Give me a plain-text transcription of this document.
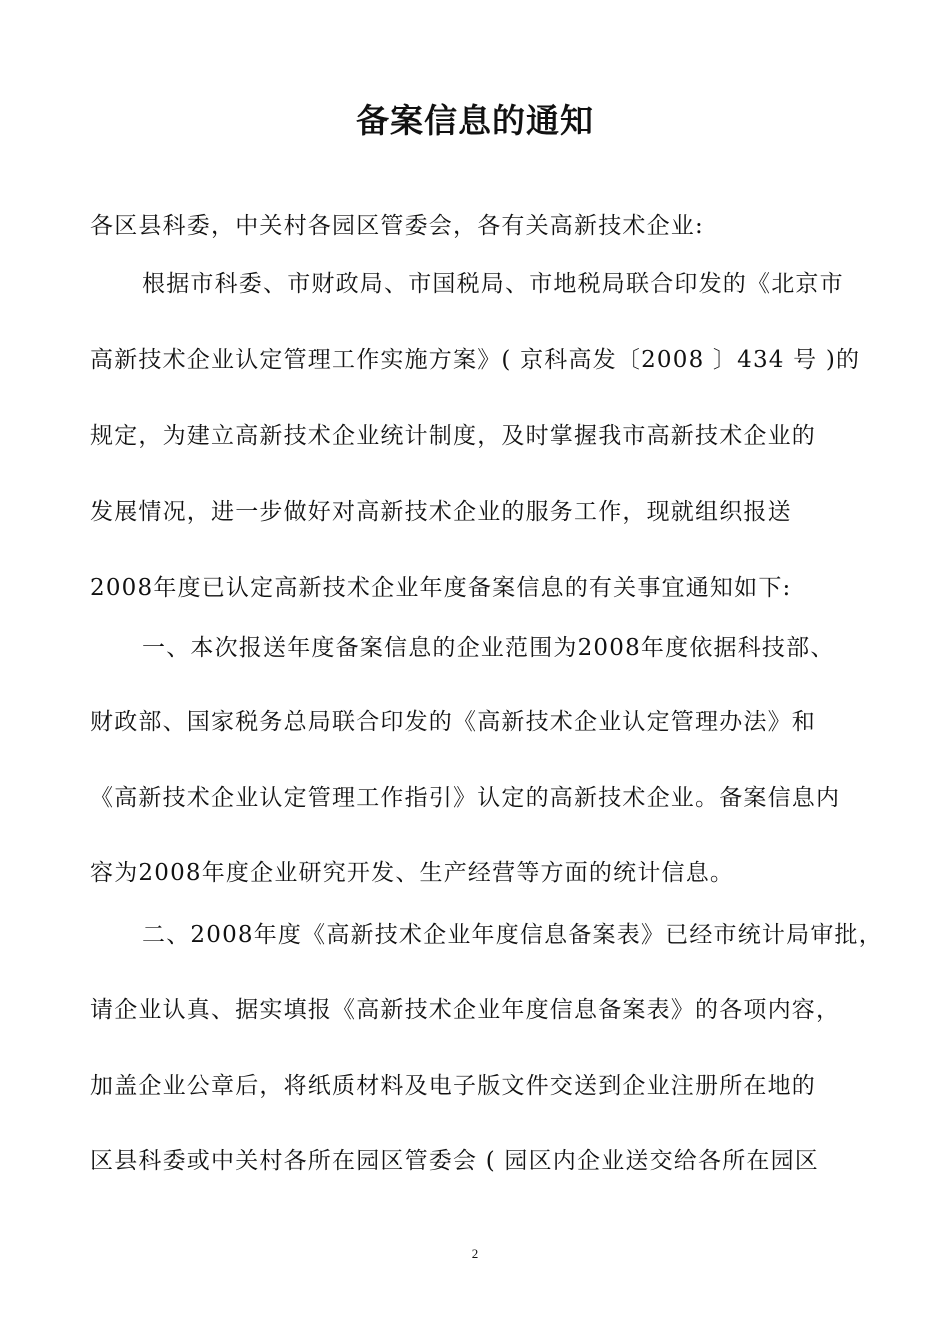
备案信息的通知

各区县科委，中关村各园区管委会，各有关高新技术企业:

根据市科委、市财政局、市国税局、市地税局联合印发的《北京市

高新技术企业认定管理工作实施方案》( 京科高发〔2008 〕434 号 )的

规定，为建立高新技术企业统计制度，及时掌握我市高新技术企业的

发展情况，进一步做好对高新技术企业的服务工作，现就组织报送

2008年度已认定高新技术企业年度备案信息的有关事宜通知如下:

一、本次报送年度备案信息的企业范围为2008年度依据科技部、

财政部、国家税务总局联合印发的《高新技术企业认定管理办法》和

《高新技术企业认定管理工作指引》认定的高新技术企业。备案信息内

容为2008年度企业研究开发、生产经营等方面的统计信息。

二、2008年度《高新技术企业年度信息备案表》已经市统计局审批，

请企业认真、据实填报《高新技术企业年度信息备案表》的各项内容，

加盖企业公章后，将纸质材料及电子版文件交送到企业注册所在地的

区县科委或中关村各所在园区管委会 ( 园区内企业送交给各所在园区

2
